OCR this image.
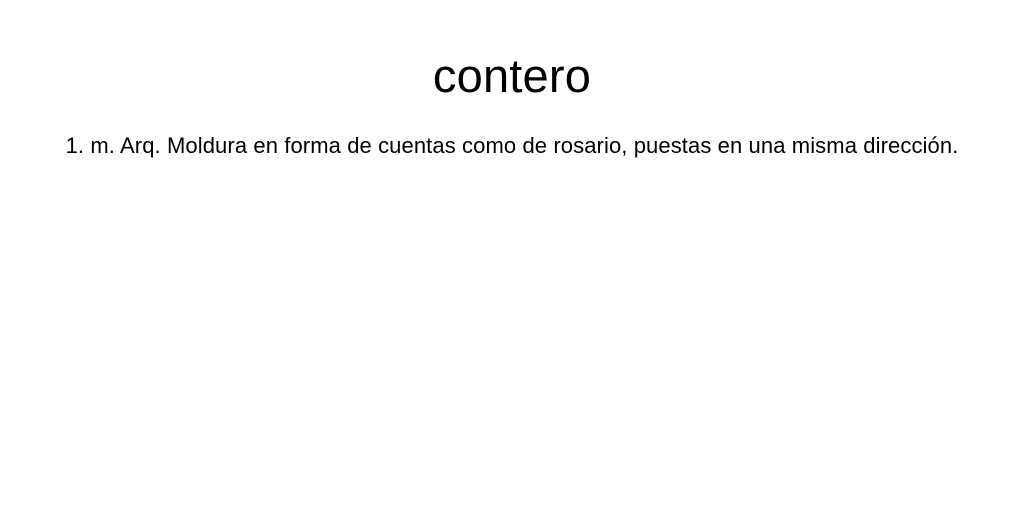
contero

1. m. Arq. Moldura en forma de cuentas como de rosario, puestas en una misma dirección.
